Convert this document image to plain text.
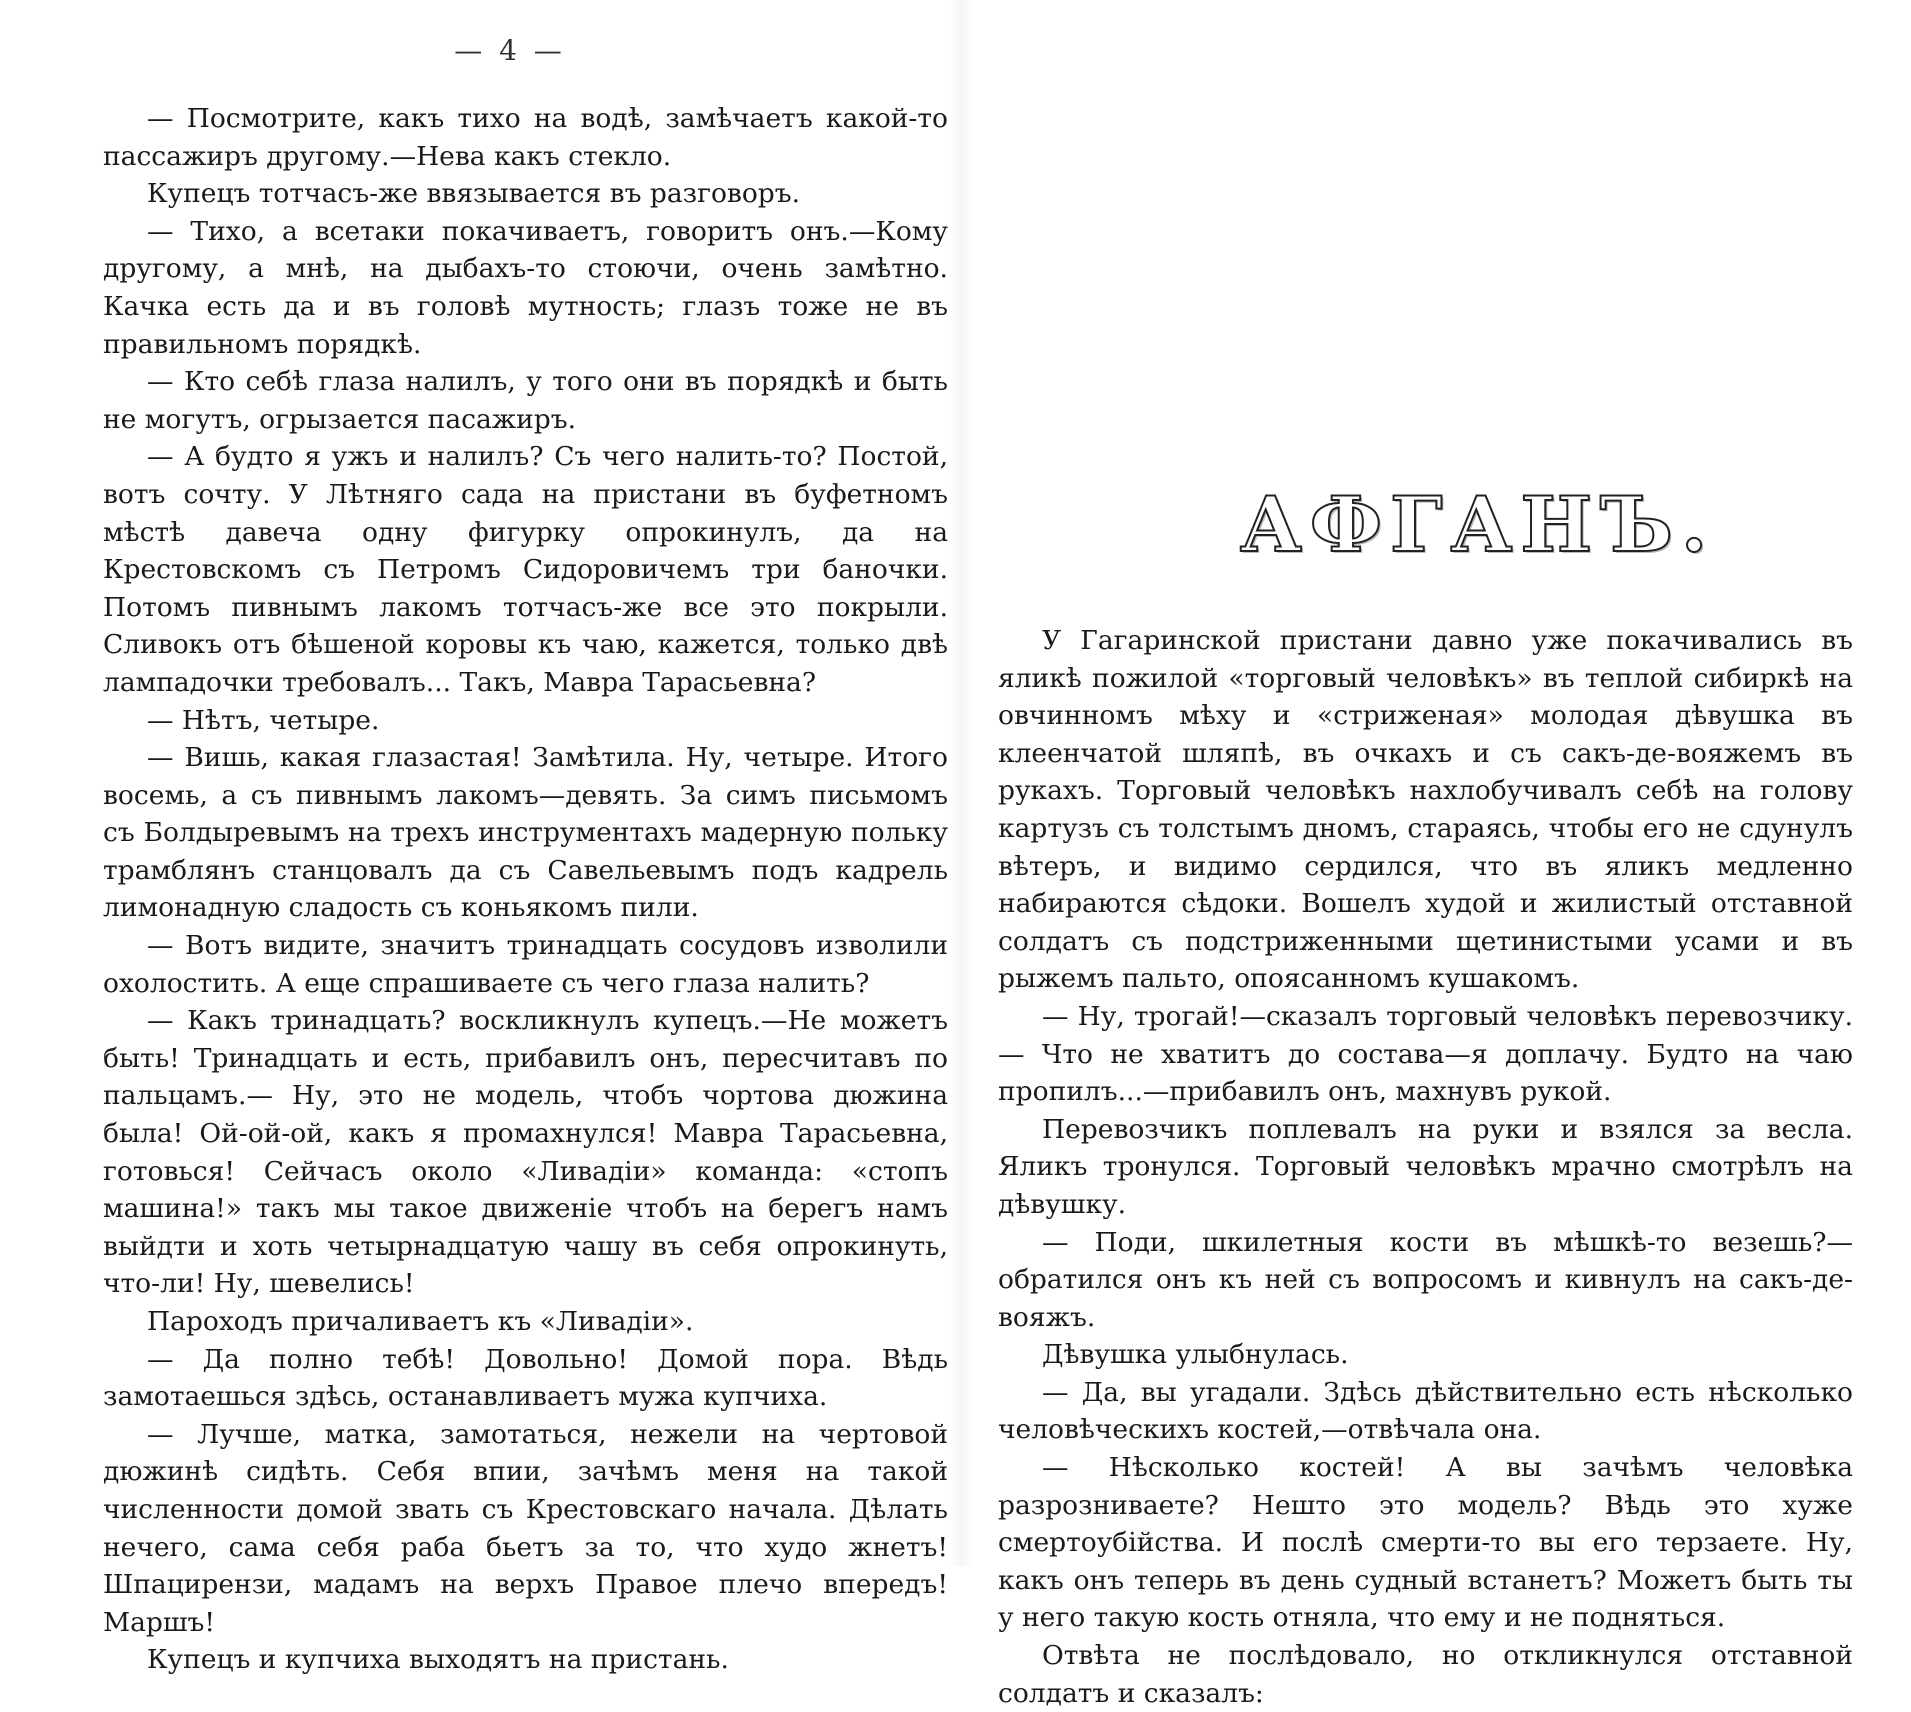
— 4 —

— Посмотрите, какъ тихо на водѣ, замѣчаетъ какой-то пассажиръ другому.—Нева какъ стекло.

Купецъ тотчасъ-же ввязывается въ разговоръ.

— Тихо, а всетаки покачиваетъ, говоритъ онъ.—Кому другому, а мнѣ, на дыбахъ-то стоючи, очень замѣтно. Качка есть да и въ головѣ мутность; глазъ тоже не въ правильномъ порядкѣ.

— Кто себѣ глаза налилъ, у того они въ порядкѣ и быть не могутъ, огрызается пасажиръ.

— А будто я ужъ и налилъ? Съ чего налить-то? Постой, вотъ сочту. У Лѣтняго сада на пристани въ буфетномъ мѣстѣ давеча одну фигурку опрокинулъ, да на Крестовскомъ съ Петромъ Сидоровичемъ три баночки. Потомъ пивнымъ лакомъ тотчасъ-же все это покрыли. Сливокъ отъ бѣшеной коровы къ чаю, кажется, только двѣ лампадочки требовалъ... Такъ, Мавра Тарасьевна?

— Нѣтъ, четыре.

— Вишь, какая глазастая! Замѣтила. Ну, четыре. Итого восемь, а съ пивнымъ лакомъ—девять. За симъ письмомъ съ Болдыревымъ на трехъ инструментахъ мадерную польку трамблянъ станцовалъ да съ Савельевымъ подъ кадрель лимонадную сладость съ коньякомъ пили.

— Вотъ видите, значитъ тринадцать сосудовъ изволили охолостить. А еще спрашиваете съ чего глаза налить?

— Какъ тринадцать? воскликнулъ купецъ.—Не можетъ быть! Тринадцать и есть, прибавилъ онъ, пересчитавъ по пальцамъ.— Ну, это не модель, чтобъ чортова дюжина была! Ой-ой-ой, какъ я промахнулся! Мавра Тарасьевна, готовься! Сейчасъ около «Ливадіи» команда: «стопъ машина!» такъ мы такое движеніе чтобъ на берегъ намъ выйдти и хоть четырнадцатую чашу въ себя опрокинуть, что-ли! Ну, шевелись!

Пароходъ причаливаетъ къ «Ливадіи».

— Да полно тебѣ! Довольно! Домой пора. Вѣдь замотаешься здѣсь, останавливаетъ мужа купчиха.

— Лучше, матка, замотаться, нежели на чертовой дюжинѣ сидѣть. Себя впии, зачѣмъ меня на такой численности домой звать съ Крестовскаго начала. Дѣлать нечего, сама себя раба бьетъ за то, что худо жнетъ! Шпацирензи, мадамъ на верхъ Правое плечо впередъ! Маршъ!

Купецъ и купчиха выходятъ на пристань.

АФГАНЪ.

У Гагаринской пристани давно уже покачивались въ яликѣ пожилой «торговый человѣкъ» въ теплой сибиркѣ на овчинномъ мѣху и «стриженая» молодая дѣвушка въ клеенчатой шляпѣ, въ очкахъ и съ сакъ-де-вояжемъ въ рукахъ. Торговый человѣкъ нахлобучивалъ себѣ на голову картузъ съ толстымъ дномъ, стараясь, чтобы его не сдунулъ вѣтеръ, и видимо сердился, что въ яликъ медленно набираются сѣдоки. Вошелъ худой и жилистый отставной солдатъ съ подстриженными щетинистыми усами и въ рыжемъ пальто, опоясанномъ кушакомъ.

— Ну, трогай!—сказалъ торговый человѣкъ перевозчику.— Что не хватитъ до состава—я доплачу. Будто на чаю пропилъ...—прибавилъ онъ, махнувъ рукой.

Перевозчикъ поплевалъ на руки и взялся за весла. Яликъ тронулся. Торговый человѣкъ мрачно смотрѣлъ на дѣвушку.

— Поди, шкилетныя кости въ мѣшкѣ-то везешь?—обратился онъ къ ней съ вопросомъ и кивнулъ на сакъ-де-вояжъ.

Дѣвушка улыбнулась.

— Да, вы угадали. Здѣсь дѣйствительно есть нѣсколько человѣческихъ костей,—отвѣчала она.

— Нѣсколько костей! А вы зачѣмъ человѣка разрозниваете? Нешто это модель? Вѣдь это хуже смертоубійства. И послѣ смерти-то вы его терзаете. Ну, какъ онъ теперь въ день судный встанетъ? Можетъ быть ты у него такую кость отняла, что ему и не подняться.

Отвѣта не послѣдовало, но откликнулся отставной солдатъ и сказалъ:
